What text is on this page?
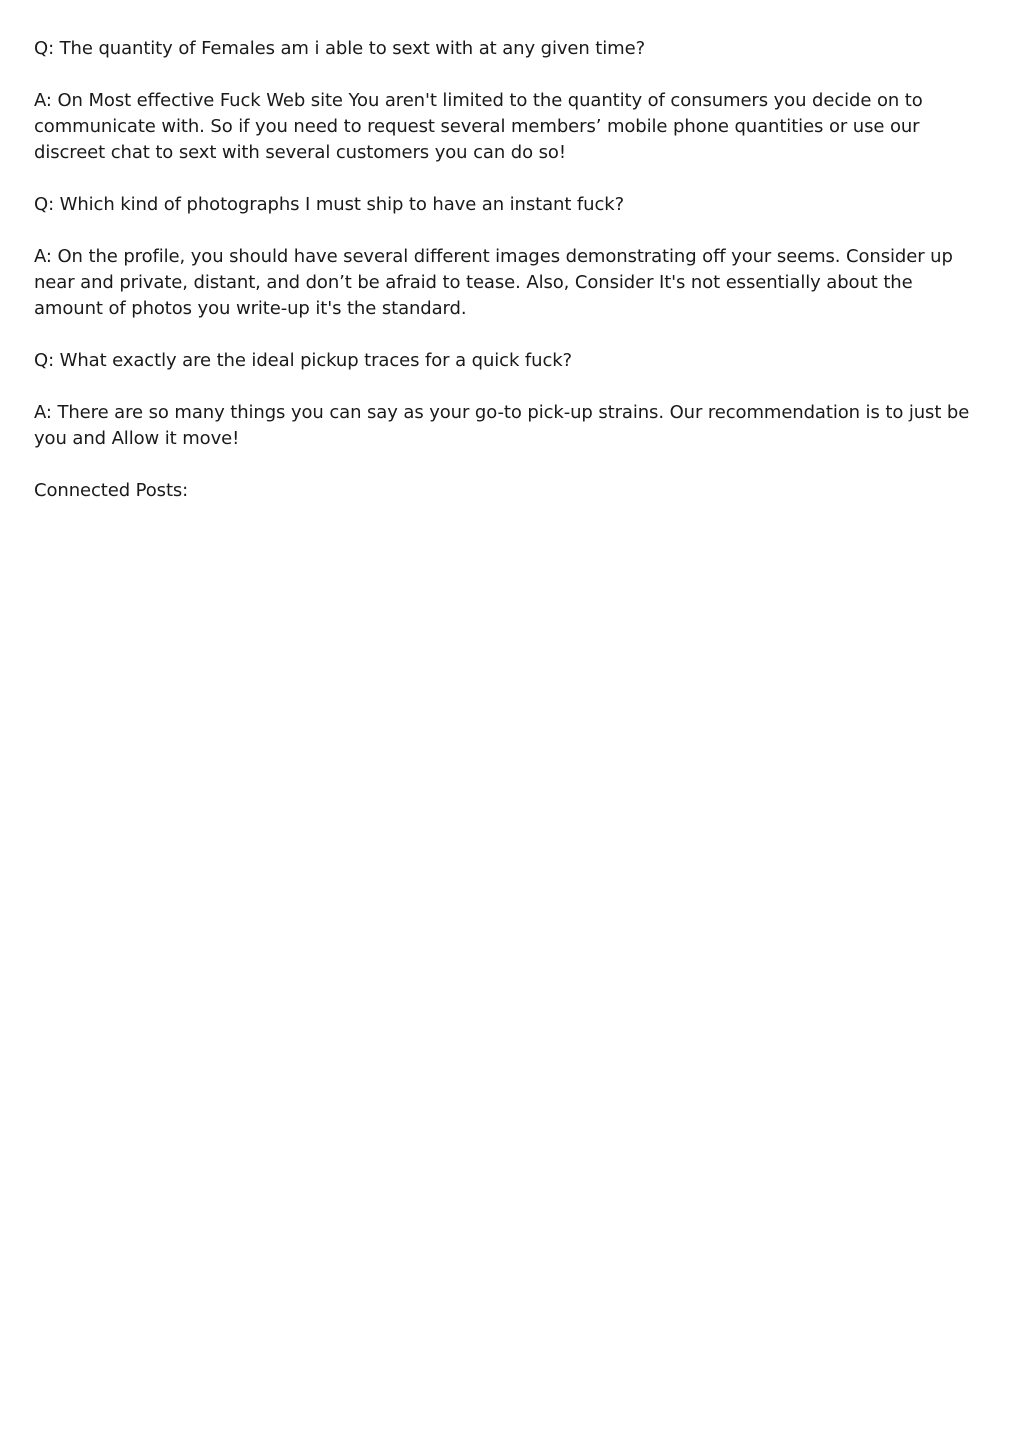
Q: The quantity of Females am i able to sext with at any given time?

A: On Most effective Fuck Web site You aren't limited to the quantity of consumers you decide on to communicate with. So if you need to request several members’ mobile phone quantities or use our discreet chat to sext with several customers you can do so!

Q: Which kind of photographs I must ship to have an instant fuck?

A: On the profile, you should have several different images demonstrating off your seems. Consider up near and private, distant, and don’t be afraid to tease. Also, Consider It's not essentially about the amount of photos you write-up it's the standard.

Q: What exactly are the ideal pickup traces for a quick fuck?

A: There are so many things you can say as your go-to pick-up strains. Our recommendation is to just be you and Allow it move!

Connected Posts:
